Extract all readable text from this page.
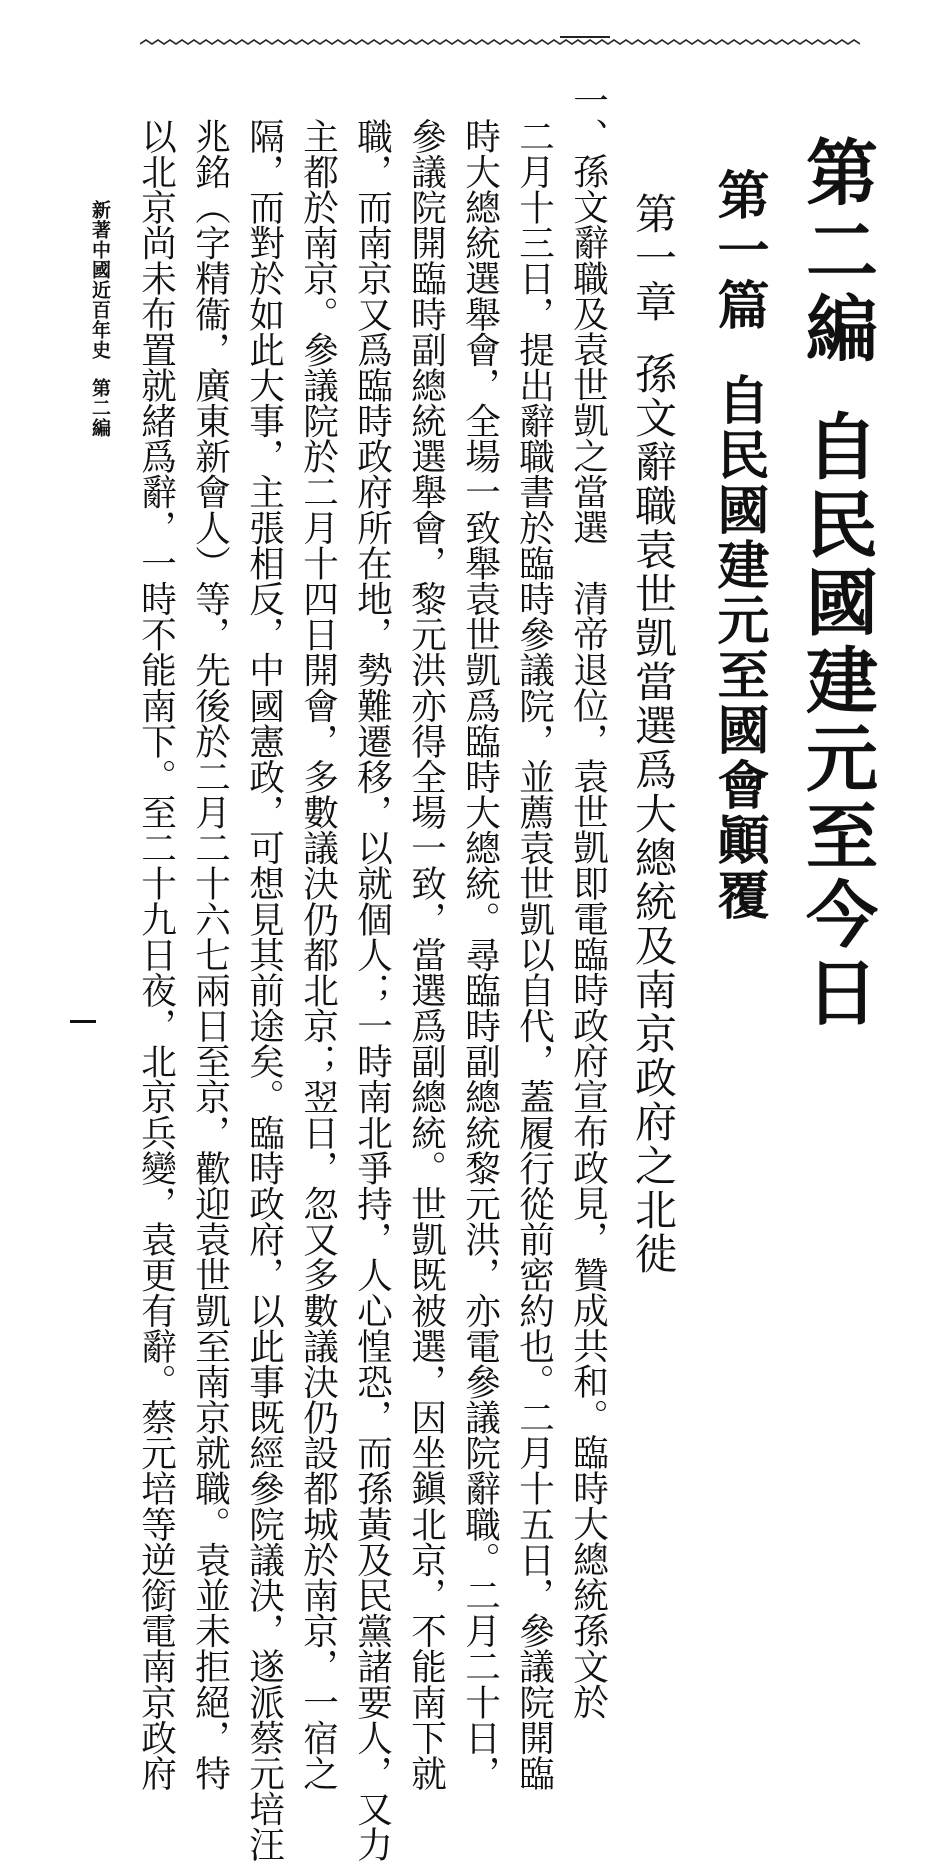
第二編自民國建元至今日
第一篇自民國建元至國會顚覆
第一章孫文辭職袁世凱當選爲大總統及南京政府之北徙
一、孫文辭職及袁世凱之當選　清帝退位，袁世凱即電臨時政府宣布政見，贊成共和。臨時大總統孫文於
二月十三日，提出辭職書於臨時參議院，並薦袁世凱以自代，蓋履行從前密約也。二月十五日，參議院開臨
時大總統選舉會，全場一致舉袁世凱爲臨時大總統。尋臨時副總統黎元洪，亦電參議院辭職。二月二十日，
參議院開臨時副總統選舉會，黎元洪亦得全場一致，當選爲副總統。世凱既被選，因坐鎭北京，不能南下就
職，而南京又爲臨時政府所在地，勢難遷移，以就個人；一時南北爭持，人心惶恐，而孫黃及民黨諸要人，又力
主都於南京。參議院於二月十四日開會，多數議決仍都北京；翌日，忽又多數議決仍設都城於南京，一宿之
隔，而對於如此大事，主張相反，中國憲政，可想見其前途矣。臨時政府，以此事既經參院議決，遂派蔡元培汪
兆銘（字精衞，廣東新會人）等，先後於二月二十六七兩日至京，歡迎袁世凱至南京就職。袁並未拒絕，特
以北京尚未布置就緒爲辭，一時不能南下。至二十九日夜，北京兵變，袁更有辭。蔡元培等逆銜電南京政府
新著中國近百年史第二編
